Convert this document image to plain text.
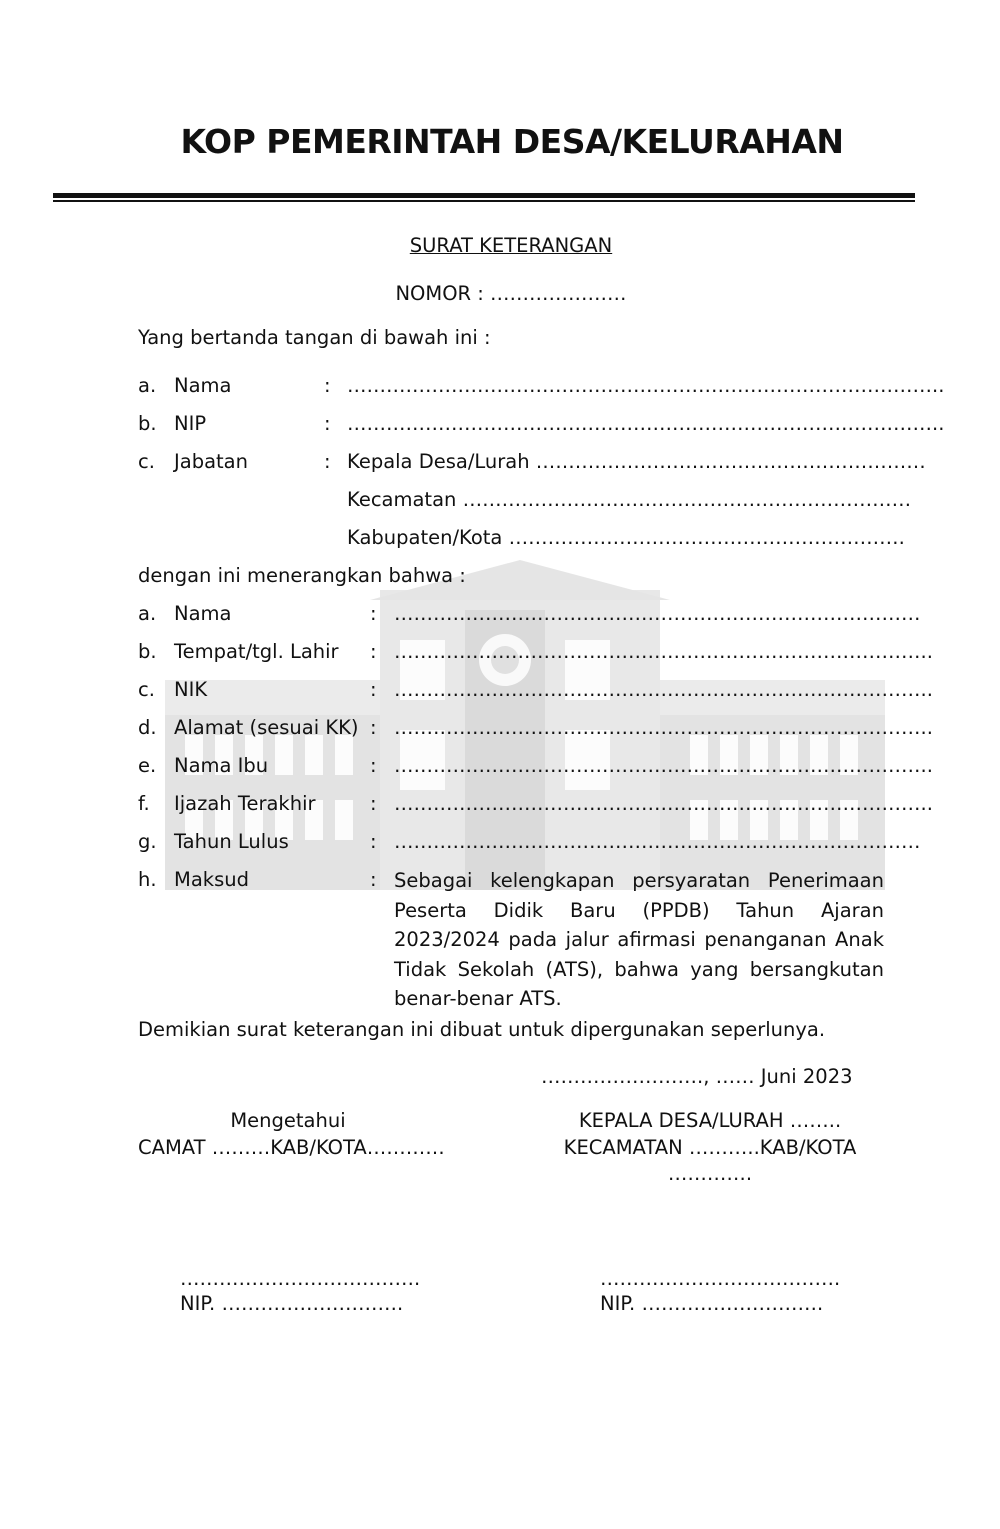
KOP PEMERINTAH DESA/KELURAHAN
SURAT KETERANGAN
NOMOR : …………………
Yang bertanda tangan di bawah ini :
a. Nama	: ………………………………………………………………………………..
b. NIP	: ………………………………………………………………………………..
c. Jabatan	: Kepala Desa/Lurah ……………………………………………………
Kecamatan ……………………………………………………………
Kabupaten/Kota …………………………………………………….
dengan ini menerangkan bahwa :
a. Nama	: ………………………………………………………………………
b. Tempat/tgl. Lahir : ………………………………………………………………………..
c. NIK	: ………………………………………………………………………..
d. Alamat (sesuai KK) : ………………………………………………………………………..
e. Nama Ibu	: ………………………………………………………………………..
f. Ijazah Terakhir	: ………………………………………………………………………..
g. Tahun Lulus	: ………………………………………………………………………
h. Maksud	: Sebagai kelengkapan persyaratan Penerimaan Peserta Didik Baru (PPDB) Tahun Ajaran 2023/2024 pada jalur afirmasi penanganan Anak Tidak Sekolah (ATS), bahwa yang bersangkutan benar-benar ATS.
Demikian surat keterangan ini dibuat untuk dipergunakan seperlunya.
……………………., …… Juni 2023
Mengetahui
CAMAT ………KAB/KOTA…………
……………………………….
NIP. ……………………….
KEPALA DESA/LURAH ……..
KECAMATAN ………..KAB/KOTA
………….
……………………………….
NIP. ……………………….
